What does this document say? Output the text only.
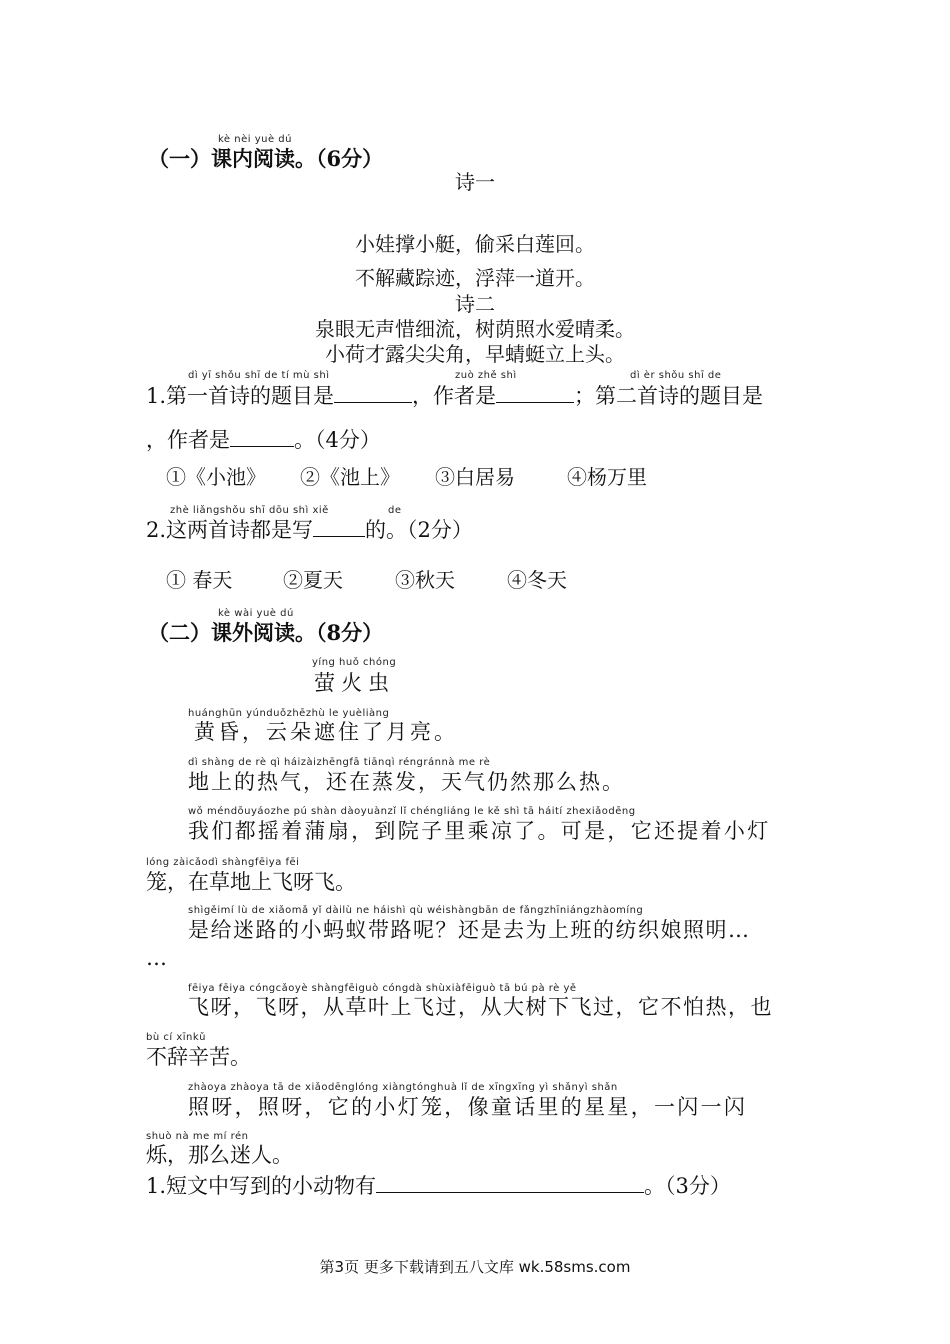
kè nèi yuè dú
（一）课内阅读。（6分）
诗一
小娃撑小艇，偷采白莲回。
不解藏踪迹，浮萍一道开。
诗二
泉眼无声惜细流，树荫照水爱晴柔。
小荷才露尖尖角，早蜻蜓立上头。
dì yī shǒu shī de tí mù shì	zuò zhě shì	dì èr shǒu shī de
1.第一首诗的题目是	，作者是	；第二首诗的题目是
，作者是	。（4分）
①《小池》 ②《池上》 ③白居易	④杨万里
zhè liǎngshǒu shī dōu shì xiě	de
2.这两首诗都是写 的。（2分）
① 春天	②夏天	③秋天	④冬天
kè wài yuè dú
（二）课外阅读。（8分）
yíng huǒ chóng
萤火虫
huánghūn yúnduǒzhēzhù le yuèliàng
黄昏，云朵遮住了月亮。
dì shàng de rè qì háizàizhēngfā tiānqì réngránnà me rè
地上的热气，还在蒸发，天气仍然那么热。
wǒ méndōuyáozhe pú shàn dàoyuànzǐ lǐ chéngliáng le kě shì tā háití zhexiǎodēng
我们都摇着蒲扇，到院子里乘凉了。可是，它还提着小灯
lóng zàicǎodì shàngfēiya fēi
笼，在草地上飞呀飞。
shìgěimí lù de xiǎomǎ yǐ dàilù ne háishì qù wéishàngbān de fǎngzhīniángzhàomíng
是给迷路的小蚂蚁带路呢？还是去为上班的纺织娘照明…
…
fēiya fēiya cóngcǎoyè shàngfēiguò cóngdà shùxiàfēiguò tā bú pà rè yě
飞呀，飞呀，从草叶上飞过，从大树下飞过，它不怕热，也
bù cí xīnkǔ
不辞辛苦。
zhàoya zhàoya tā de xiǎodēnglóng xiàngtónghuà lǐ de xīngxīng yì shǎnyì shǎn
照呀，照呀，它的小灯笼，像童话里的星星，一闪一闪
shuò nà me mí rén
烁，那么迷人。
1.短文中写到的小动物有	。（3分）
第3页 更多下载请到五八文库 wk.58sms.com
